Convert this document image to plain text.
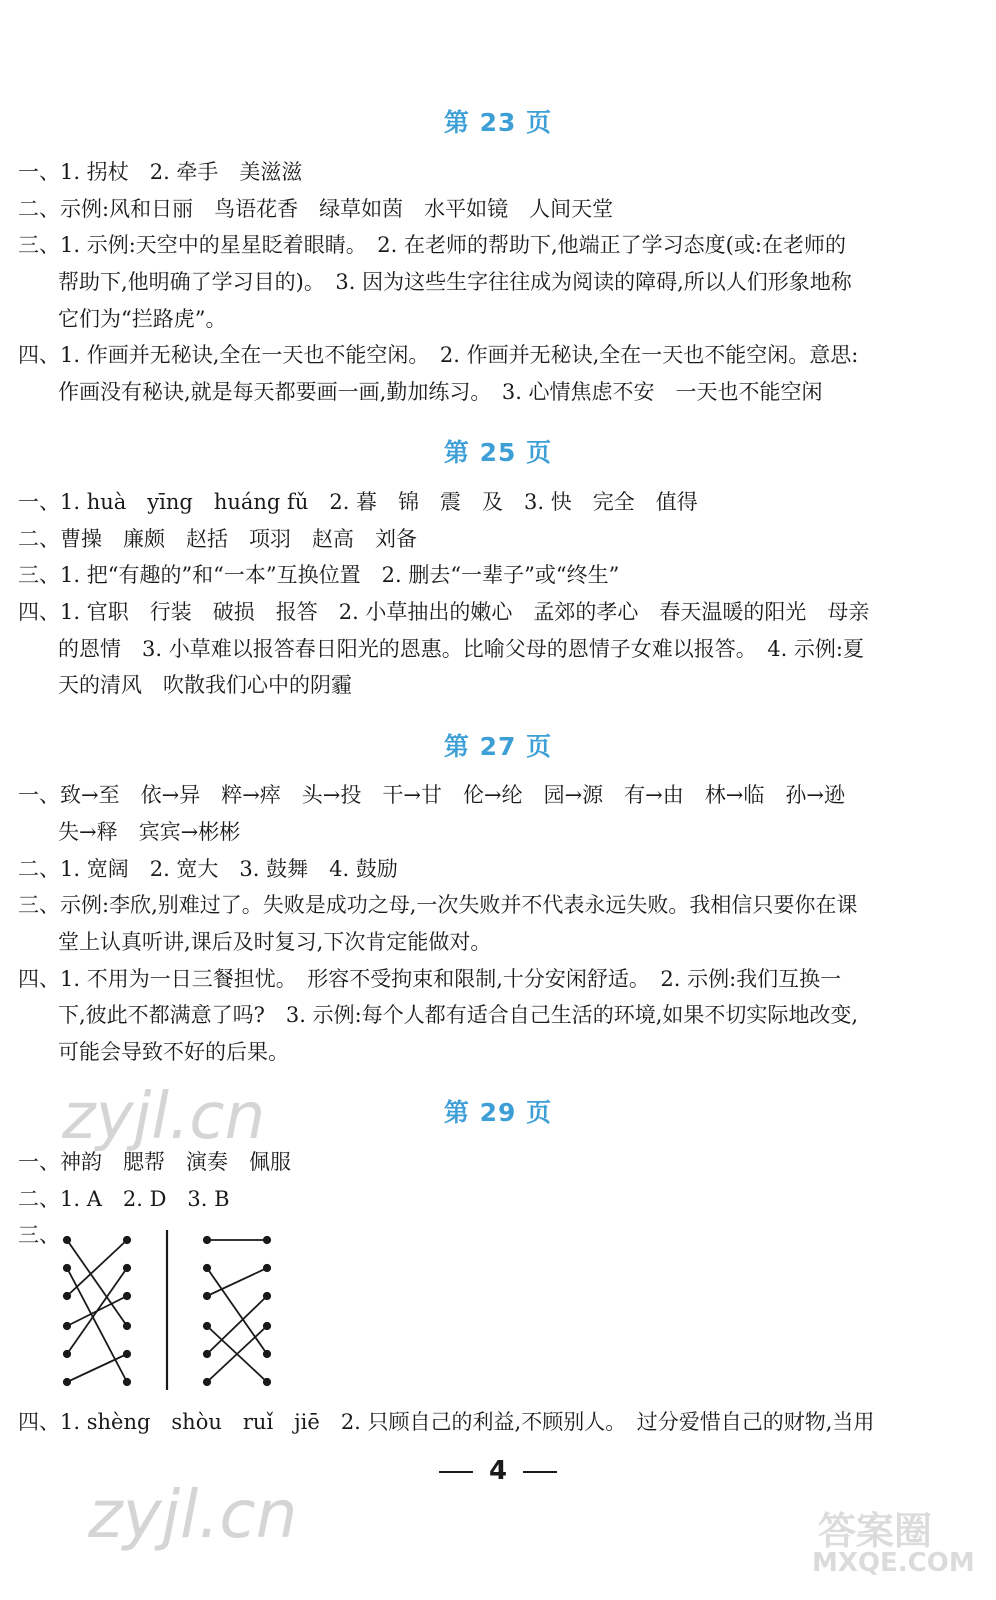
第 23 页
一、1. 拐杖　2. 牵手　美滋滋
二、示例:风和日丽　鸟语花香　绿草如茵　水平如镜　人间天堂
三、1. 示例:天空中的星星眨着眼睛。　2. 在老师的帮助下,他端正了学习态度(或:在老师的
帮助下,他明确了学习目的)。　3. 因为这些生字往往成为阅读的障碍,所以人们形象地称
它们为“拦路虎”。
四、1. 作画并无秘诀,全在一天也不能空闲。　2. 作画并无秘诀,全在一天也不能空闲。意思:
作画没有秘诀,就是每天都要画一画,勤加练习。　3. 心情焦虑不安　一天也不能空闲
第 25 页
一、1. huà　yīng　huáng fǔ　2. 暮　锦　震　及　3. 快　完全　值得
二、曹操　廉颇　赵括　项羽　赵高　刘备
三、1. 把“有趣的”和“一本”互换位置　2. 删去“一辈子”或“终生”
四、1. 官职　行装　破损　报答　2. 小草抽出的嫩心　孟郊的孝心　春天温暖的阳光　母亲
的恩情　3. 小草难以报答春日阳光的恩惠。比喻父母的恩情子女难以报答。　4. 示例:夏
天的清风　吹散我们心中的阴霾
第 27 页
一、致→至　依→异　粹→瘁　头→投　干→甘　伦→纶　园→源　有→由　林→临　孙→逊
失→释　宾宾→彬彬
二、1. 宽阔　2. 宽大　3. 鼓舞　4. 鼓励
三、示例:李欣,别难过了。失败是成功之母,一次失败并不代表永远失败。我相信只要你在课
堂上认真听讲,课后及时复习,下次肯定能做对。
四、1. 不用为一日三餐担忧。　形容不受拘束和限制,十分安闲舒适。　2. 示例:我们互换一
下,彼此不都满意了吗?　3. 示例:每个人都有适合自己生活的环境,如果不切实际地改变,
可能会导致不好的后果。
第 29 页
一、神韵　腮帮　演奏　佩服
二、1. A　2. D　3. B
三、
四、1. shèng　shòu　ruǐ　jiē　2. 只顾自己的利益,不顾别人。　过分爱惜自己的财物,当用
4
zyjl.cn
zyjl.cn	答案圈
MXQE.COM
